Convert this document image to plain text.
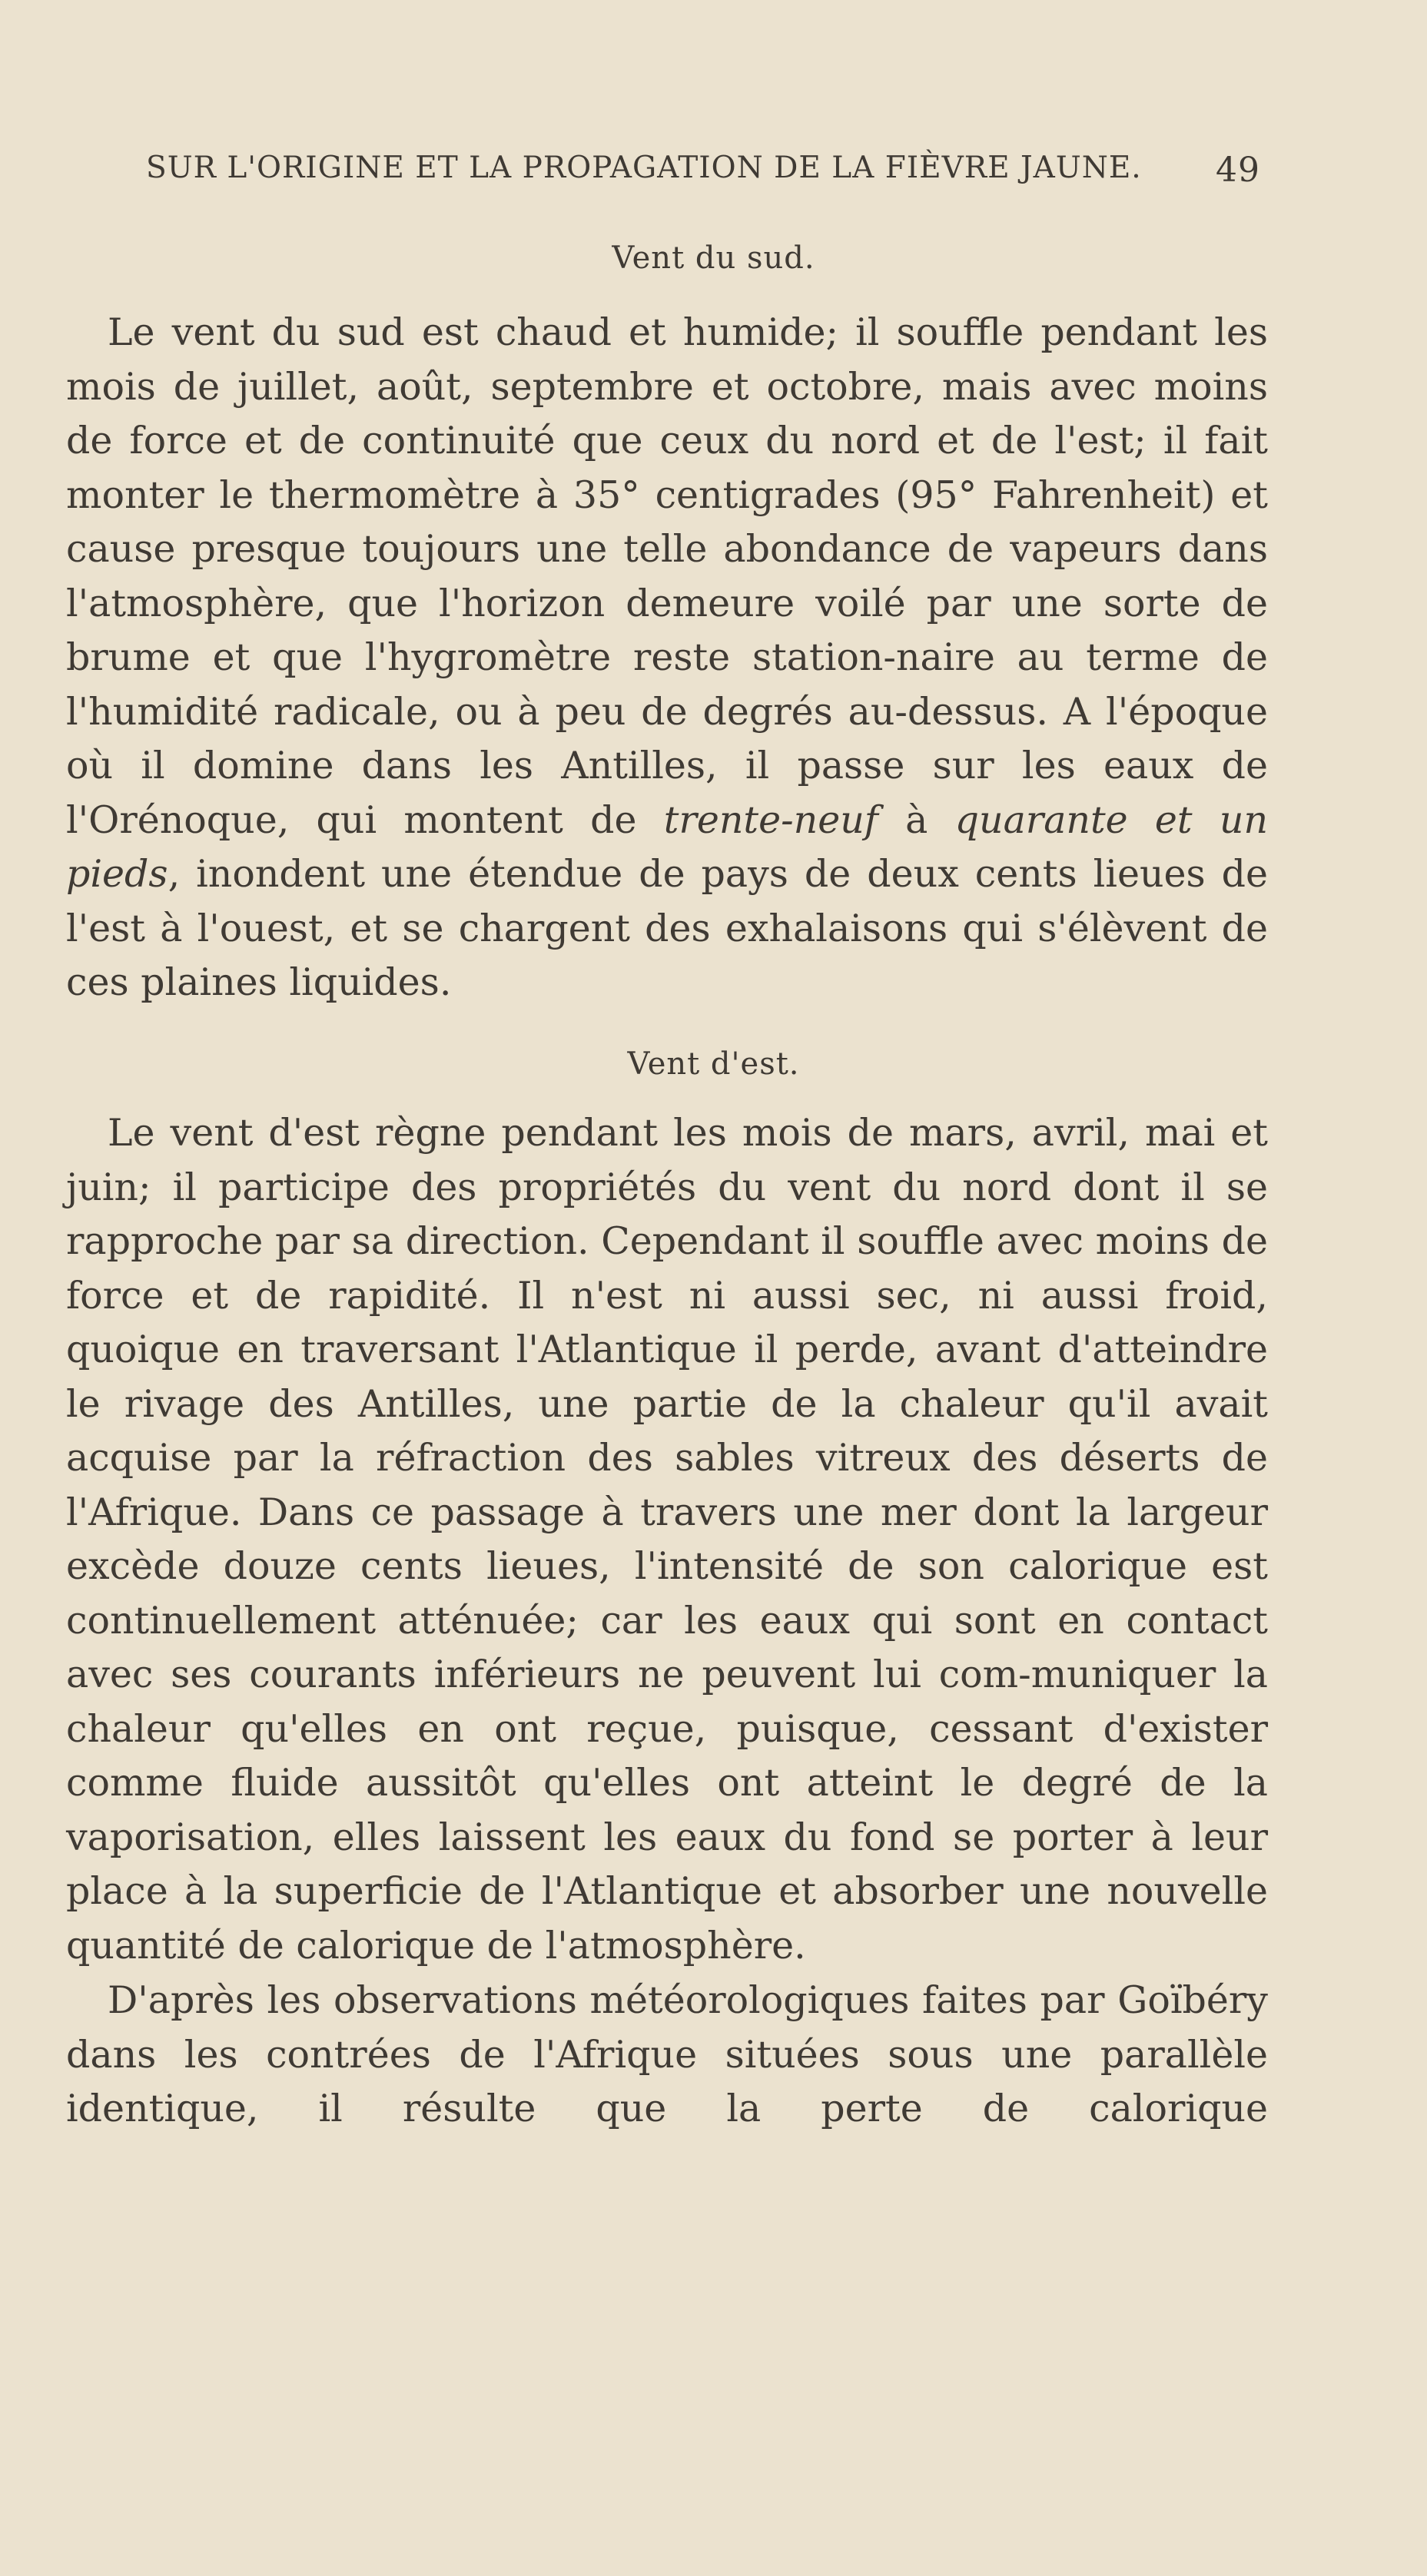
SUR L'ORIGINE ET LA PROPAGATION DE LA FIÈVRE JAUNE. 49
Vent du sud.

Le vent du sud est chaud et humide; il souffle pendant les mois de juillet, août, septembre et octobre, mais avec moins de force et de continuité que ceux du nord et de l'est; il fait monter le thermomètre à 35° centigrades (95° Fahrenheit) et cause presque toujours une telle abondance de vapeurs dans l'atmosphère, que l'horizon demeure voilé par une sorte de brume et que l'hygromètre reste station-naire au terme de l'humidité radicale, ou à peu de degrés au-dessus. A l'époque où il domine dans les Antilles, il passe sur les eaux de l'Orénoque, qui montent de trente-neuf à quarante et un pieds, inondent une étendue de pays de deux cents lieues de l'est à l'ouest, et se chargent des exhalaisons qui s'élèvent de ces plaines liquides.

Vent d'est.

Le vent d'est règne pendant les mois de mars, avril, mai et juin; il participe des propriétés du vent du nord dont il se rapproche par sa direction. Cependant il souffle avec moins de force et de rapidité. Il n'est ni aussi sec, ni aussi froid, quoique en traversant l'Atlantique il perde, avant d'atteindre le rivage des Antilles, une partie de la chaleur qu'il avait acquise par la réfraction des sables vitreux des déserts de l'Afrique. Dans ce passage à travers une mer dont la largeur excède douze cents lieues, l'intensité de son calorique est continuellement atténuée; car les eaux qui sont en contact avec ses courants inférieurs ne peuvent lui com-muniquer la chaleur qu'elles en ont reçue, puisque, cessant d'exister comme fluide aussitôt qu'elles ont atteint le degré de la vaporisation, elles laissent les eaux du fond se porter à leur place à la superficie de l'Atlantique et absorber une nouvelle quantité de calorique de l'atmosphère.

D'après les observations météorologiques faites par Goïbéry dans les contrées de l'Afrique situées sous une parallèle identique, il résulte que la perte de calorique
